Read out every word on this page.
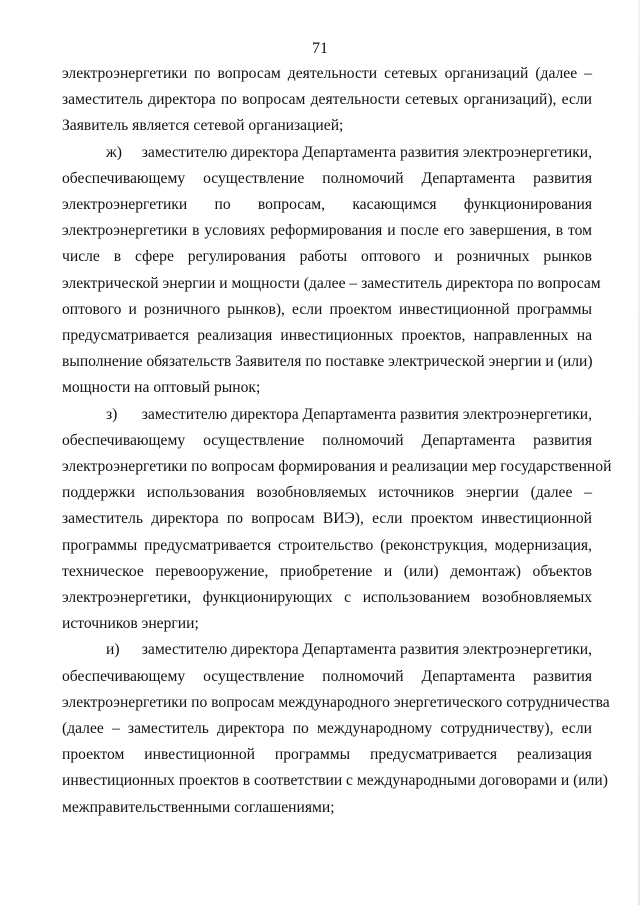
71
электроэнергетики по вопросам деятельности сетевых организаций (далее –
заместитель директора по вопросам деятельности сетевых организаций), если
Заявитель является сетевой организацией;
ж) заместителю директора Департамента развития электроэнергетики,
обеспечивающему осуществление полномочий Департамента развития
электроэнергетики по вопросам, касающимся функционирования
электроэнергетики в условиях реформирования и после его завершения, в том
числе в сфере регулирования работы оптового и розничных рынков
электрической энергии и мощности (далее – заместитель директора по вопросам
оптового и розничного рынков), если проектом инвестиционной программы
предусматривается реализация инвестиционных проектов, направленных на
выполнение обязательств Заявителя по поставке электрической энергии и (или)
мощности на оптовый рынок;
з) заместителю директора Департамента развития электроэнергетики,
обеспечивающему осуществление полномочий Департамента развития
электроэнергетики по вопросам формирования и реализации мер государственной
поддержки использования возобновляемых источников энергии (далее –
заместитель директора по вопросам ВИЭ), если проектом инвестиционной
программы предусматривается строительство (реконструкция, модернизация,
техническое перевооружение, приобретение и (или) демонтаж) объектов
электроэнергетики, функционирующих с использованием возобновляемых
источников энергии;
и) заместителю директора Департамента развития электроэнергетики,
обеспечивающему осуществление полномочий Департамента развития
электроэнергетики по вопросам международного энергетического сотрудничества
(далее – заместитель директора по международному сотрудничеству), если
проектом инвестиционной программы предусматривается реализация
инвестиционных проектов в соответствии с международными договорами и (или)
межправительственными соглашениями;
